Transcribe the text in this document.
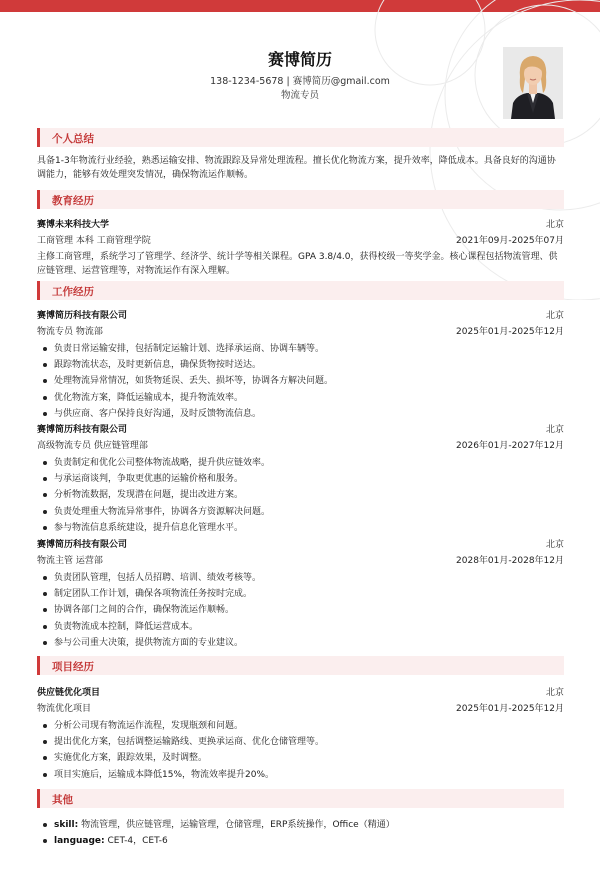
赛博简历
138-1234-5678 | 赛博简历@gmail.com
物流专员
个人总结

具备1-3年物流行业经验，熟悉运输安排、物流跟踪及异常处理流程。擅长优化物流方案，提升效率，降低成本。具备良好的沟通协调能力，能够有效处理突发情况，确保物流运作顺畅。

教育经历
赛博未来科技大学	北京
工商管理 本科 工商管理学院	2021年09月-2025年07月

主修工商管理，系统学习了管理学、经济学、统计学等相关课程。GPA 3.8/4.0，获得校级一等奖学金。核心课程包括物流管理、供应链管理、运营管理等，对物流运作有深入理解。

工作经历
赛博简历科技有限公司	北京
物流专员 物流部	2025年01月-2025年12月
负责日常运输安排，包括制定运输计划、选择承运商、协调车辆等。
跟踪物流状态，及时更新信息，确保货物按时送达。
处理物流异常情况，如货物延误、丢失、损坏等，协调各方解决问题。
优化物流方案，降低运输成本，提升物流效率。
与供应商、客户保持良好沟通，及时反馈物流信息。
赛博简历科技有限公司	北京
高级物流专员 供应链管理部	2026年01月-2027年12月
负责制定和优化公司整体物流战略，提升供应链效率。
与承运商谈判，争取更优惠的运输价格和服务。
分析物流数据，发现潜在问题，提出改进方案。
负责处理重大物流异常事件，协调各方资源解决问题。
参与物流信息系统建设，提升信息化管理水平。
赛博简历科技有限公司	北京
物流主管 运营部	2028年01月-2028年12月
负责团队管理，包括人员招聘、培训、绩效考核等。
制定团队工作计划，确保各项物流任务按时完成。
协调各部门之间的合作，确保物流运作顺畅。
负责物流成本控制，降低运营成本。
参与公司重大决策，提供物流方面的专业建议。
项目经历
供应链优化项目	北京
物流优化项目	2025年01月-2025年12月
分析公司现有物流运作流程，发现瓶颈和问题。
提出优化方案，包括调整运输路线、更换承运商、优化仓储管理等。
实施优化方案，跟踪效果，及时调整。
项目实施后，运输成本降低15%，物流效率提升20%。
其他
skill: 物流管理，供应链管理，运输管理，仓储管理，ERP系统操作，Office（精通）
language: CET-4，CET-6
